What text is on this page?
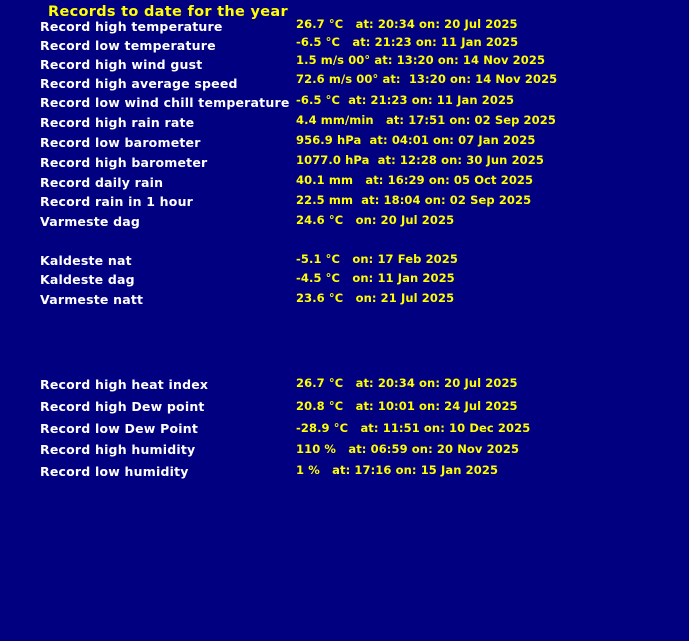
Records to date for the year
Record high temperature	26.7 °C   at: 20:34 on: 20 Jul 2025
Record low temperature	-6.5 °C   at: 21:23 on: 11 Jan 2025
Record high wind gust	1.5 m/s 00° at: 13:20 on: 14 Nov 2025
Record high average speed	72.6 m/s 00° at:  13:20 on: 14 Nov 2025
Record low wind chill temperature -6.5 °C  at: 21:23 on: 11 Jan 2025
Record high rain rate	4.4 mm/min   at: 17:51 on: 02 Sep 2025
Record low barometer	956.9 hPa  at: 04:01 on: 07 Jan 2025
Record high barometer	1077.0 hPa  at: 12:28 on: 30 Jun 2025
Record daily rain	40.1 mm   at: 16:29 on: 05 Oct 2025
Record rain in 1 hour	22.5 mm  at: 18:04 on: 02 Sep 2025
Varmeste dag	24.6 °C   on: 20 Jul 2025
Kaldeste nat	-5.1 °C   on: 17 Feb 2025
Kaldeste dag	-4.5 °C   on: 11 Jan 2025
Varmeste natt	23.6 °C   on: 21 Jul 2025
Record high heat index	26.7 °C   at: 20:34 on: 20 Jul 2025
Record high Dew point	20.8 °C   at: 10:01 on: 24 Jul 2025
Record low Dew Point	-28.9 °C   at: 11:51 on: 10 Dec 2025
Record high humidity	110 %   at: 06:59 on: 20 Nov 2025
Record low humidity	1 %   at: 17:16 on: 15 Jan 2025
